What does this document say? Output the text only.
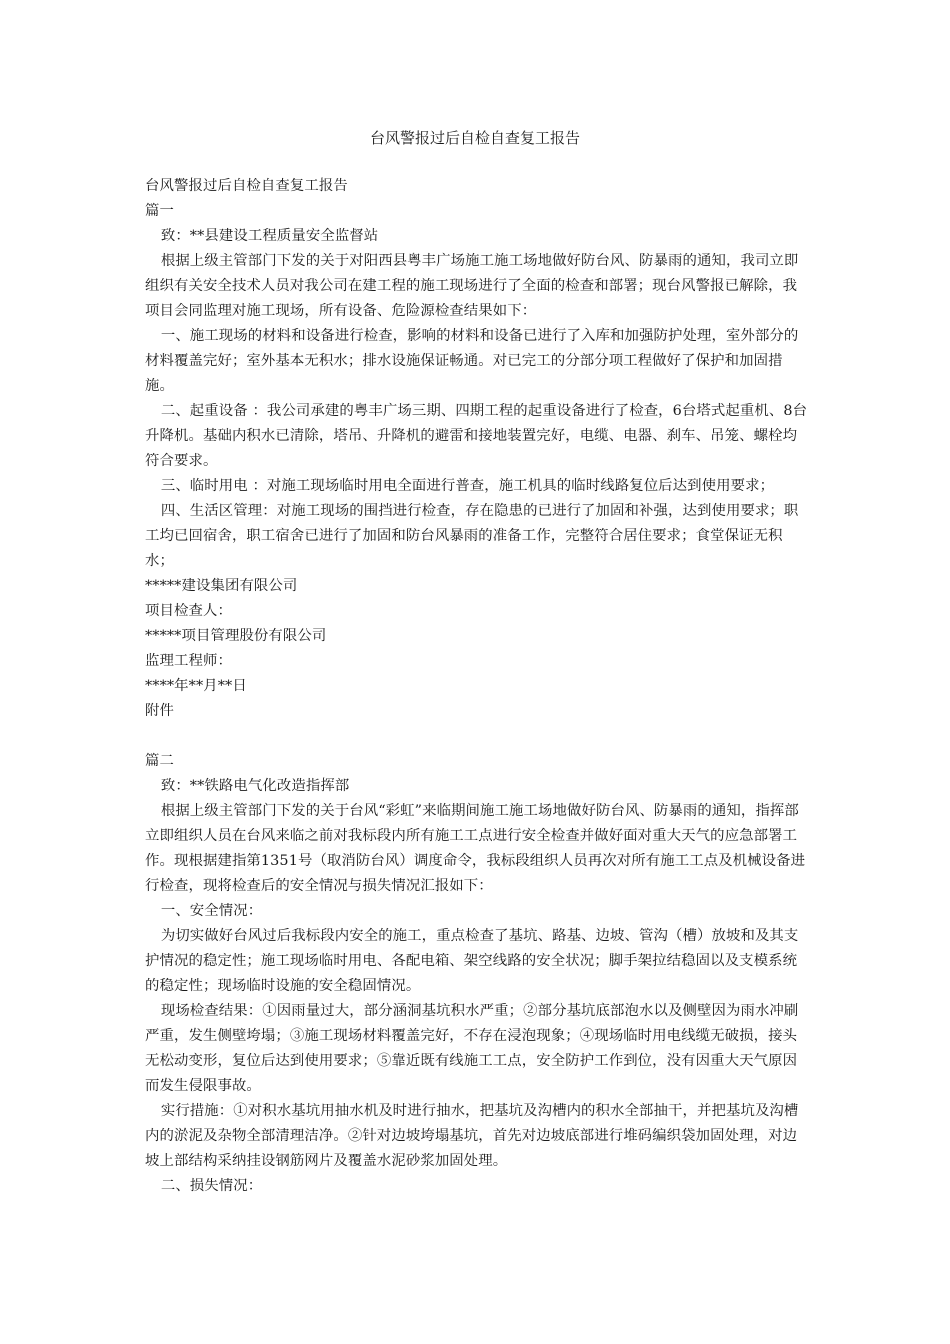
台风警报过后自检自查复工报告

台风警报过后自检自查复工报告

篇一

致：**县建设工程质量安全监督站

根据上级主管部门下发的关于对阳西县粤丰广场施工施工场地做好防台风、防暴雨的通知，我司立即组织有关安全技术人员对我公司在建工程的施工现场进行了全面的检查和部署；现台风警报已解除，我项目会同监理对施工现场，所有设备、危险源检查结果如下：

一、施工现场的材料和设备进行检查，影响的材料和设备已进行了入库和加强防护处理，室外部分的材料覆盖完好；室外基本无积水；排水设施保证畅通。对已完工的分部分项工程做好了保护和加固措施。

二、起重设备 ：我公司承建的粤丰广场三期、四期工程的起重设备进行了检查，6台塔式起重机、8台升降机。基础内积水已清除，塔吊、升降机的避雷和接地装置完好，电缆、电器、刹车、吊笼、螺栓均符合要求。

三、临时用电 ：对施工现场临时用电全面进行普查，施工机具的临时线路复位后达到使用要求；

四、生活区管理：对施工现场的围挡进行检查，存在隐患的已进行了加固和补强，达到使用要求；职工均已回宿舍，职工宿舍已进行了加固和防台风暴雨的准备工作，完整符合居住要求；食堂保证无积水；

*****建设集团有限公司

项目检查人：

*****项目管理股份有限公司

监理工程师：

****年**月**日

附件

篇二

致：**铁路电气化改造指挥部

根据上级主管部门下发的关于台风“彩虹”来临期间施工施工场地做好防台风、防暴雨的通知，指挥部立即组织人员在台风来临之前对我标段内所有施工工点进行安全检查并做好面对重大天气的应急部署工作。现根据建指第1351号（取消防台风）调度命令，我标段组织人员再次对所有施工工点及机械设备进行检查，现将检查后的安全情况与损失情况汇报如下：

一、安全情况：

为切实做好台风过后我标段内安全的施工，重点检查了基坑、路基、边坡、管沟（槽）放坡和及其支护情况的稳定性；施工现场临时用电、各配电箱、架空线路的安全状况；脚手架拉结稳固以及支模系统的稳定性；现场临时设施的安全稳固情况。

现场检查结果：①因雨量过大，部分涵洞基坑积水严重；②部分基坑底部泡水以及侧壁因为雨水冲刷严重，发生侧壁垮塌；③施工现场材料覆盖完好，不存在浸泡现象；④现场临时用电线缆无破损，接头无松动变形，复位后达到使用要求；⑤靠近既有线施工工点，安全防护工作到位，没有因重大天气原因而发生侵限事故。

实行措施：①对积水基坑用抽水机及时进行抽水，把基坑及沟槽内的积水全部抽干，并把基坑及沟槽内的淤泥及杂物全部清理洁净。②针对边坡垮塌基坑，首先对边坡底部进行堆码编织袋加固处理，对边坡上部结构采纳挂设钢筋网片及覆盖水泥砂浆加固处理。

二、损失情况：
